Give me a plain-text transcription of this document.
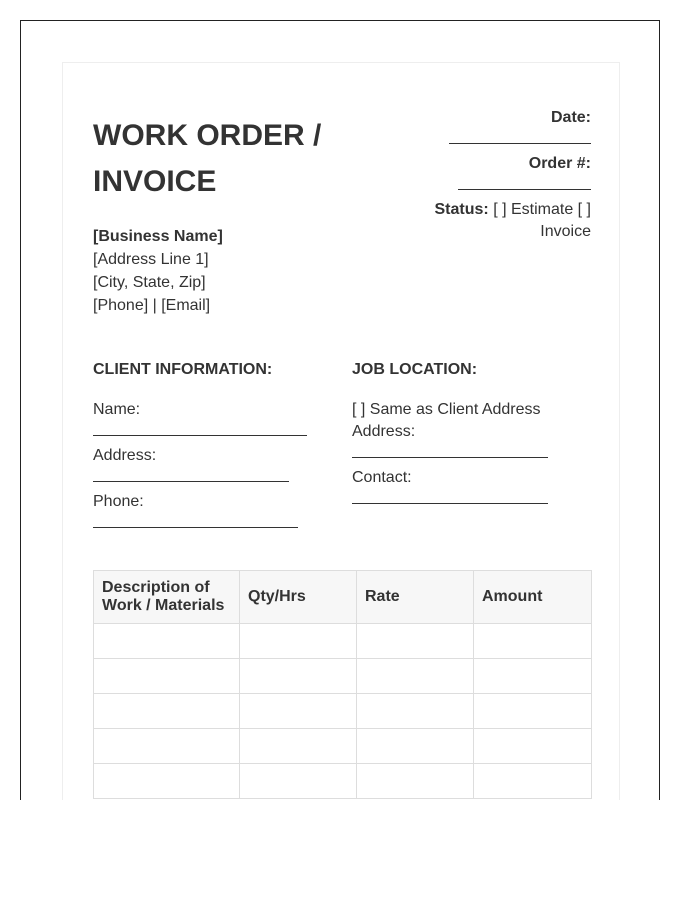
WORK ORDER /
INVOICE
Date:
Order #:
Status: [ ] Estimate [ ]
Invoice
[Business Name]
[Address Line 1]
[City, State, Zip]
[Phone] | [Email]
CLIENT INFORMATION:	JOB LOCATION:
Name:
Address:
Phone:
[ ] Same as Client Address
Address:
Contact:
Description of Work / Materials	Qty/Hrs	Rate	Amount
